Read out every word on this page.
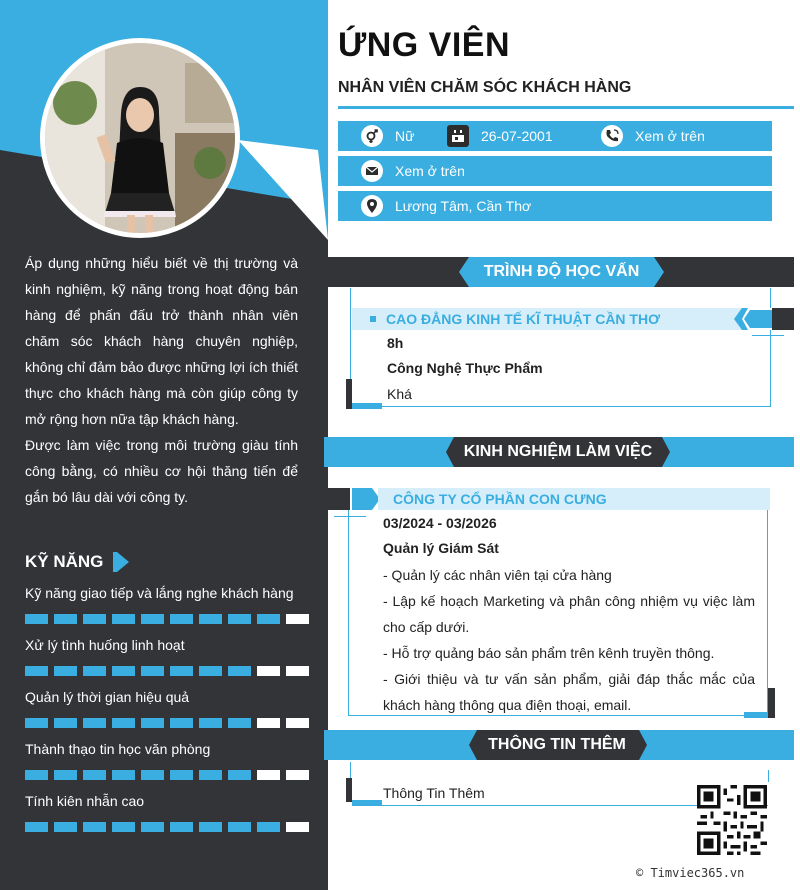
Áp dụng những hiểu biết về thị trường và kinh nghiệm, kỹ năng trong hoạt động bán hàng để phấn đấu trở thành nhân viên chăm sóc khách hàng chuyên nghiệp, không chỉ đảm bảo được những lợi ích thiết thực cho khách hàng mà còn giúp công ty mở rộng hơn nữa tập khách hàng.

Được làm việc trong môi trường giàu tính công bằng, có nhiều cơ hội thăng tiến để gắn bó lâu dài với công ty.

KỸ NĂNG
Kỹ năng giao tiếp và lắng nghe khách hàng
Xử lý tình huống linh hoạt
Quản lý thời gian hiệu quả
Thành thạo tin học văn phòng
Tính kiên nhẫn cao
ỨNG VIÊN
NHÂN VIÊN CHĂM SÓC KHÁCH HÀNG
Nữ	26-07-2001	Xem ở trên
Xem ở trên
Lương Tâm, Cần Thơ
TRÌNH ĐỘ HỌC VẤN
CAO ĐẲNG KINH TẾ KĨ THUẬT CẦN THƠ
8h
Công Nghệ Thực Phẩm
Khá
KINH NGHIỆM LÀM VIỆC
CÔNG TY CỔ PHẦN CON CƯNG
03/2024 - 03/2026
Quản lý Giám Sát

- Quản lý các nhân viên tại cửa hàng

- Lập kế hoạch Marketing và phân công nhiệm vụ việc làm cho cấp dưới.

- Hỗ trợ quảng báo sản phẩm trên kênh truyền thông.

- Giới thiệu và tư vấn sản phẩm, giải đáp thắc mắc của khách hàng thông qua điện thoại, email.

THÔNG TIN THÊM
Thông Tin Thêm
© Timviec365.vn
